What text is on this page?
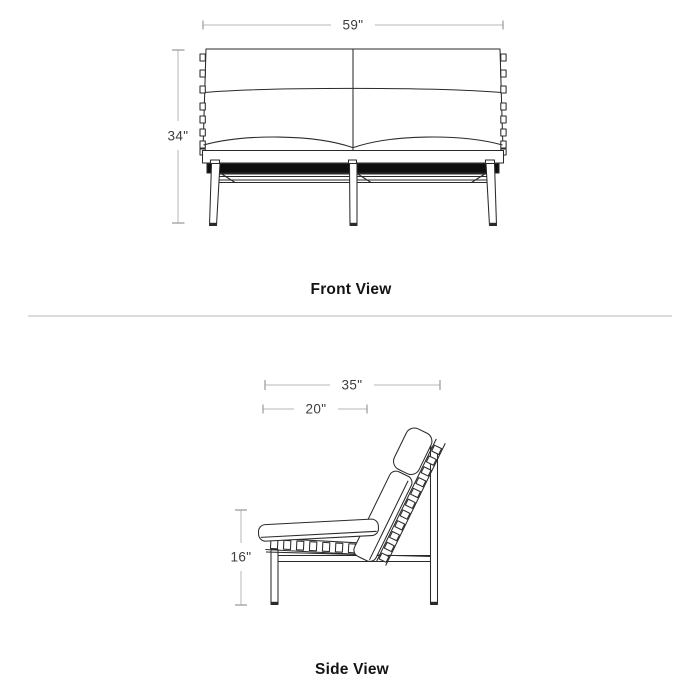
59"
34"
35"
20"
16"
Front View
Side View
